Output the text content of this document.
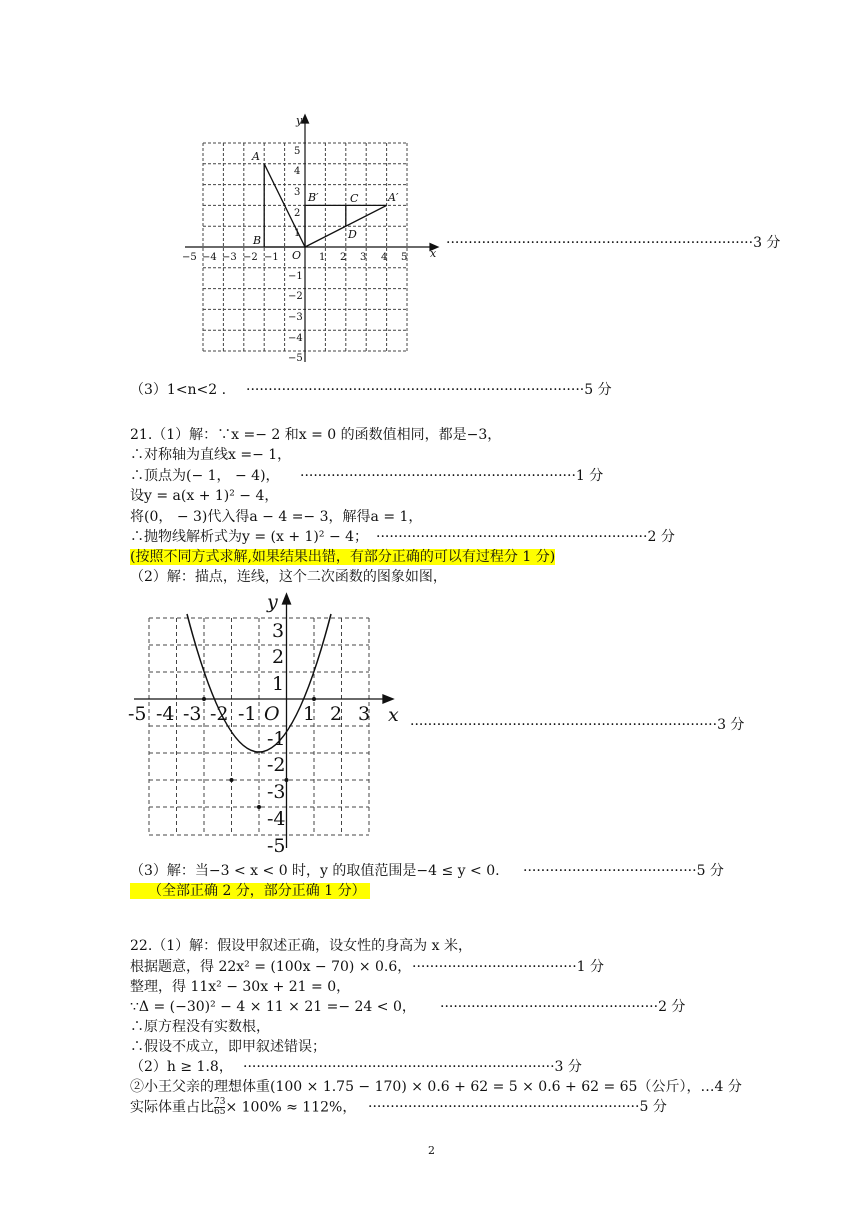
x
y
O
A
B
B′	C
D
A′
−5 −4 −3 −2 −1	1 2 3 4 5
1
2
3
4
5
−1
−2
−3
−4
−5
·····································································3 分
（3）1<n<2 . ············································································5 分
21.（1）解：∵x =− 2 和x = 0 的函数值相同，都是−3，
∴对称轴为直线x =− 1，
∴顶点为(− 1， − 4)， ······························································1 分
设y = a(x + 1)² − 4，
将(0， − 3)代入得a − 4 =− 3，解得a = 1，
∴抛物线解析式为y = (x + 1)² − 4； ·····························································2 分
(按照不同方式求解,如果结果出错，有部分正确的可以有过程分 1 分)
（2）解：描点，连线，这个二次函数的图象如图，
x
y
O
-5 -4 -3 -2 -1 1 2 3
3
2
1
-1
-2
-3
-4
-5
·····································································3 分
（3）解：当−3 < x < 0 时，y 的取值范围是−4 ≤ y < 0. ·······································5 分
（全部正确 2 分，部分正确 1 分）
22.（1）解：假设甲叙述正确，设女性的身高为 x 米，
根据题意，得 22x² = (100x − 70) × 0.6， ·····································1 分
整理，得 11x² − 30x + 21 = 0，
∵Δ = (−30)² − 4 × 11 × 21 =− 24 < 0， ·················································2 分
∴原方程没有实数根，
∴假设不成立，即甲叙述错误；
（2）h ≥ 1.8， ······································································3 分
②小王父亲的理想体重(100 × 1.75 − 170) × 0.6 + 62 = 5 × 0.6 + 62 = 65（公斤），…4 分
实际体重占比 $\frac{73}{65} \times 100\% \approx 112\%$， ·····························································5 分
2
